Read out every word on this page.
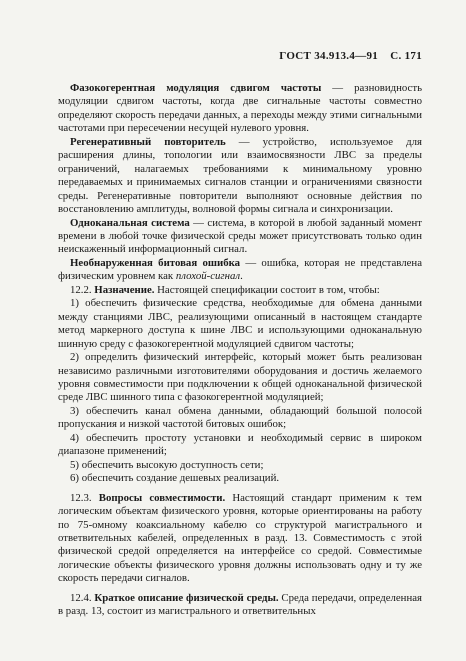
ГОСТ 34.913.4—91 С. 171

Фазокогерентная модуляция сдвигом частоты — разновидность модуляции сдвигом частоты, когда две сигнальные частоты совместно определяют скорость передачи данных, а переходы между этими сигнальными частотами при пересечении несущей нулевого уровня.

Регенеративный повторитель — устройство, используемое для расширения длины, топологии или взаимосвязности ЛВС за пределы ограничений, налагаемых требованиями к минимальному уровню передаваемых и принимаемых сигналов станции и ограничениями связности среды. Регенеративные повторители выполняют основные действия по восстановлению амплитуды, волновой формы сигнала и синхронизации.

Одноканальная система — система, в которой в любой заданный момент времени в любой точке физической среды может присутствовать только один неискаженный информационный сигнал.

Необнаруженная битовая ошибка — ошибка, которая не представлена физическим уровнем как плохой-сигнал.

12.2. Назначение. Настоящей спецификации состоит в том, чтобы:

1) обеспечить физические средства, необходимые для обмена данными между станциями ЛВС, реализующими описанный в настоящем стандарте метод маркерного доступа к шине ЛВС и использующими одноканальную шинную среду с фазокогерентной модуляцией сдвигом частоты;

2) определить физический интерфейс, который может быть реализован независимо различными изготовителями оборудования и достичь желаемого уровня совместимости при подключении к общей одноканальной физической среде ЛВС шинного типа с фазокогерентной модуляцией;

3) обеспечить канал обмена данными, обладающий большой полосой пропускания и низкой частотой битовых ошибок;

4) обеспечить простоту установки и необходимый сервис в широком диапазоне применений;

5) обеспечить высокую доступность сети;

6) обеспечить создание дешевых реализаций.

12.3. Вопросы совместимости. Настоящий стандарт применим к тем логическим объектам физического уровня, которые ориентированы на работу по 75-омному коаксиальному кабелю со структурой магистрального и ответвительных кабелей, определенных в разд. 13. Совместимость с этой физической средой определяется на интерфейсе со средой. Совместимые логические объекты физического уровня должны использовать одну и ту же скорость передачи сигналов.

12.4. Краткое описание физической среды. Среда передачи, определенная в разд. 13, состоит из магистрального и ответвительных
